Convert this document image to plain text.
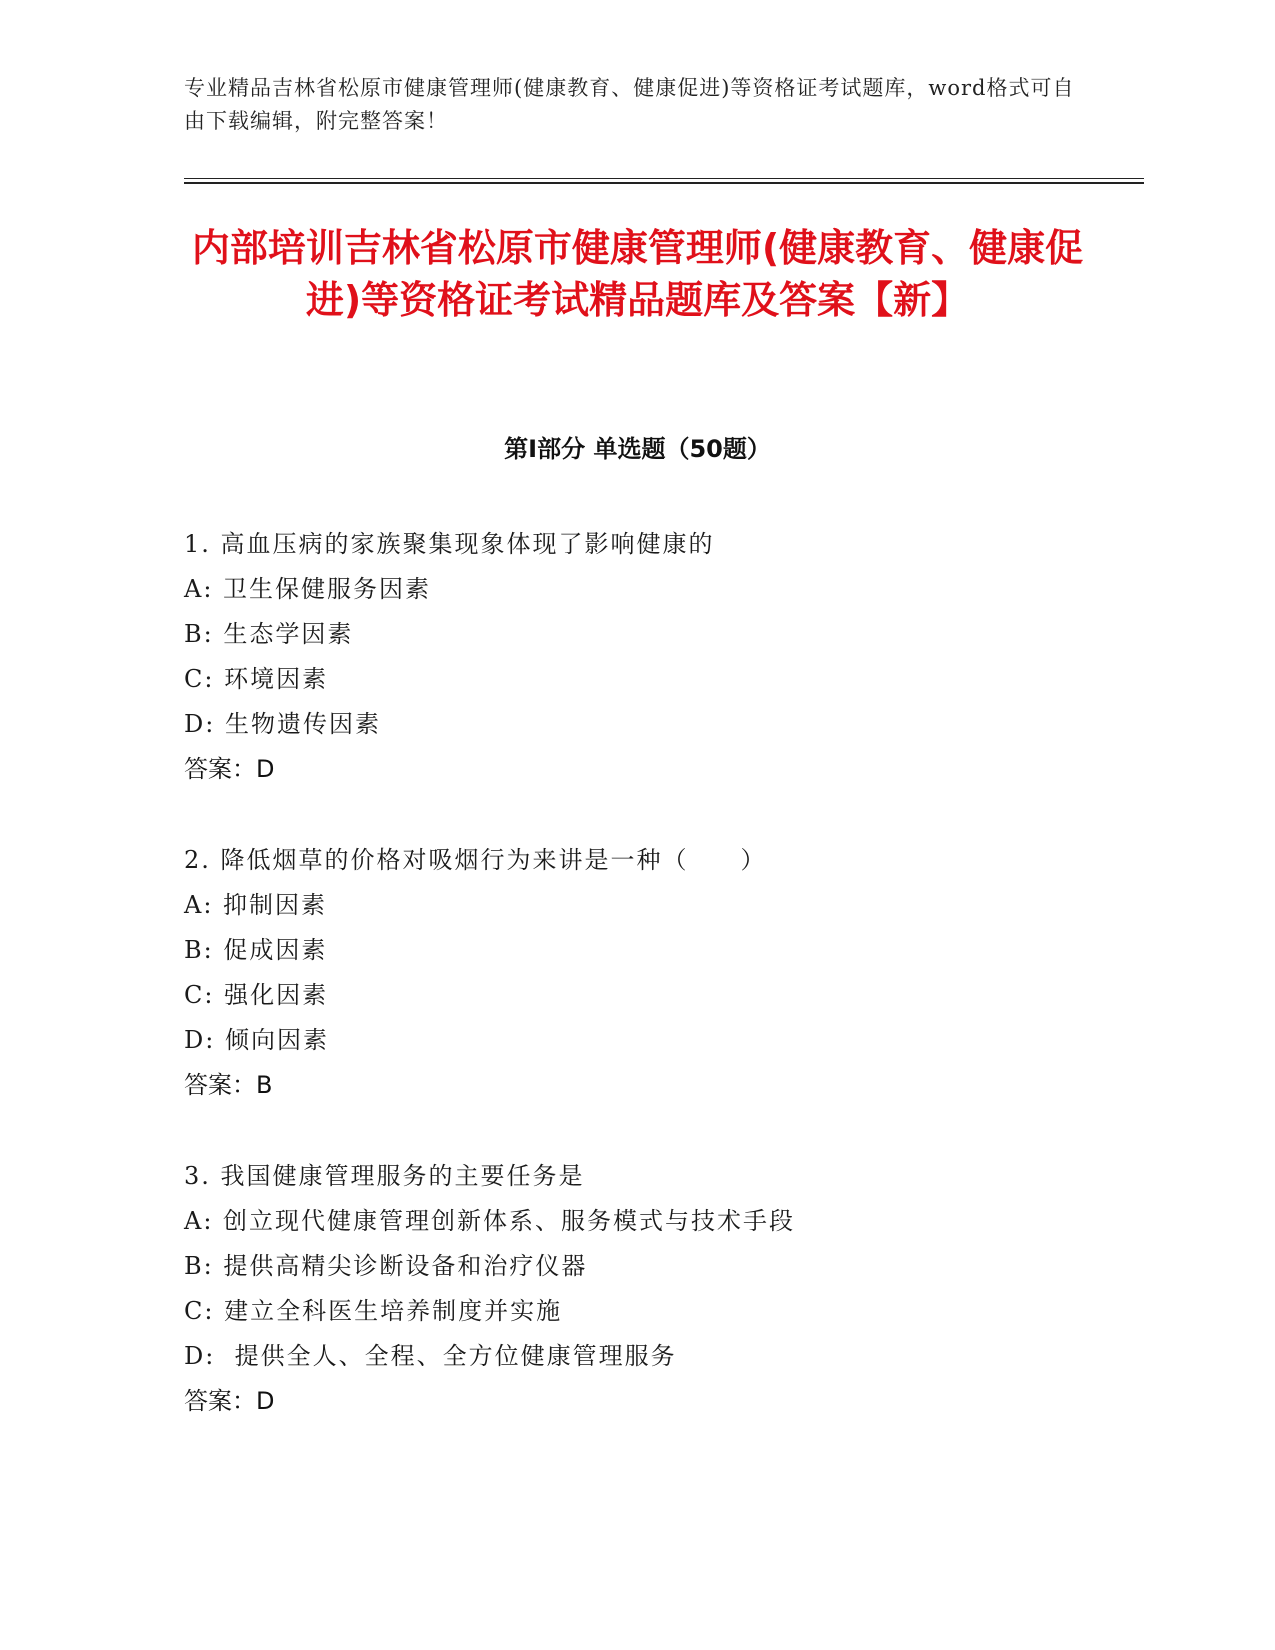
专业精品吉林省松原市健康管理师(健康教育、健康促进)等资格证考试题库，word格式可自由下载编辑，附完整答案！
内部培训吉林省松原市健康管理师(健康教育、健康促进)等资格证考试精品题库及答案【新】
第Ⅰ部分 单选题（50题）
1. 高血压病的家族聚集现象体现了影响健康的
A: 卫生保健服务因素
B: 生态学因素
C: 环境因素
D: 生物遗传因素
答案：D
2. 降低烟草的价格对吸烟行为来讲是一种（　　）
A: 抑制因素
B: 促成因素
C: 强化因素
D: 倾向因素
答案：B
3. 我国健康管理服务的主要任务是
A: 创立现代健康管理创新体系、服务模式与技术手段
B: 提供高精尖诊断设备和治疗仪器
C: 建立全科医生培养制度并实施
D:  提供全人、全程、全方位健康管理服务
答案：D
